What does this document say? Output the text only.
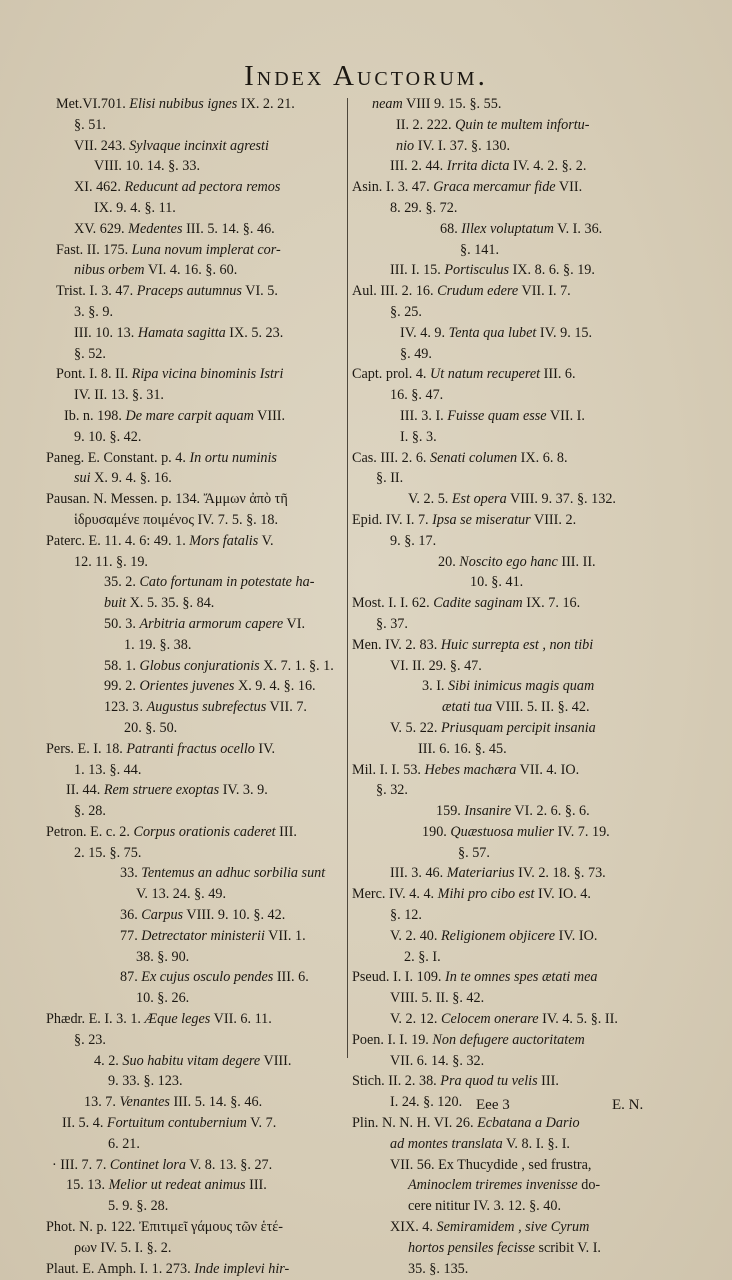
Index Auctorum.
Met.VI.701. Elisi nubibus ignes IX. 2. 21.
§. 51.
VII. 243. Sylvaque incinxit agresti
VIII. 10. 14. §. 33.
XI. 462. Reducunt ad pectora remos
IX. 9. 4. §. 11.
XV. 629. Medentes III. 5. 14. §. 46.
Fast. II. 175. Luna novum implerat cor-
nibus orbem VI. 4. 16. §. 60.
Trist. I. 3. 47. Praceps autumnus VI. 5.
3. §. 9.
III. 10. 13. Hamata sagitta IX. 5. 23.
§. 52.
Pont. I. 8. II. Ripa vicina binominis Istri
IV. II. 13. §. 31.
Ib. n. 198. De mare carpit aquam VIII.
9. 10. §. 42.
Paneg. E. Constant. p. 4. In ortu numinis
sui X. 9. 4. §. 16.
Pausan. N. Messen. p. 134. Ἄμμων ἀπὸ τῆ
ἱδρυσαμένε ποιμένος IV. 7. 5. §. 18.
Paterc. E. 11. 4. 6: 49. 1. Mors fatalis V.
12. 11. §. 19.
35. 2. Cato fortunam in potestate ha-
buit X. 5. 35. §. 84.
50. 3. Arbitria armorum capere VI.
1. 19. §. 38.
58. 1. Globus conjurationis X. 7. 1. §. 1.
99. 2. Orientes juvenes X. 9. 4. §. 16.
123. 3. Augustus subrefectus VII. 7.
20. §. 50.
Pers. E. I. 18. Patranti fractus ocello IV.
1. 13. §. 44.
II. 44. Rem struere exoptas IV. 3. 9.
§. 28.
Petron. E. c. 2. Corpus orationis caderet III.
2. 15. §. 75.
33. Tentemus an adhuc sorbilia sunt
V. 13. 24. §. 49.
36. Carpus VIII. 9. 10. §. 42.
77. Detrectator ministerii VII. 1.
38. §. 90.
87. Ex cujus osculo pendes III. 6.
10. §. 26.
Phædr. E. I. 3. 1. Æque leges VII. 6. 11.
§. 23.
4. 2. Suo habitu vitam degere VIII.
9. 33. §. 123.
13. 7. Venantes III. 5. 14. §. 46.
II. 5. 4. Fortuitum contubernium V. 7.
6. 21.
· III. 7. 7. Continet lora V. 8. 13. §. 27.
15. 13. Melior ut redeat animus III.
5. 9. §. 28.
Phot. N. p. 122. Ἐπιτιμεῖ γάμους τῶν ἑτέ-
ρων IV. 5. I. §. 2.
Plaut. E. Amph. I. 1. 273. Inde implevi hir-
neam VIII 9. 15. §. 55.
II. 2. 222. Quin te multem infortu-
nio IV. I. 37. §. 130.
III. 2. 44. Irrita dicta IV. 4. 2. §. 2.
Asin. I. 3. 47. Graca mercamur fide VII.
8. 29. §. 72.
68. Illex voluptatum V. I. 36.
§. 141.
III. I. 15. Portisculus IX. 8. 6. §. 19.
Aul. III. 2. 16. Crudum edere VII. I. 7.
§. 25.
IV. 4. 9. Tenta qua lubet IV. 9. 15.
§. 49.
Capt. prol. 4. Ut natum recuperet III. 6.
16. §. 47.
III. 3. I. Fuisse quam esse VII. I.
I. §. 3.
Cas. III. 2. 6. Senati columen IX. 6. 8.
§. II.
V. 2. 5. Est opera VIII. 9. 37. §. 132.
Epid. IV. I. 7. Ipsa se miseratur VIII. 2.
9. §. 17.
20. Noscito ego hanc III. II.
10. §. 41.
Most. I. I. 62. Cadite saginam IX. 7. 16.
§. 37.
Men. IV. 2. 83. Huic surrepta est , non tibi
VI. II. 29. §. 47.
3. I. Sibi inimicus magis quam
ætati tua VIII. 5. II. §. 42.
V. 5. 22. Priusquam percipit insania
III. 6. 16. §. 45.
Mil. I. I. 53. Hebes machæra VII. 4. IO.
§. 32.
159. Insanire VI. 2. 6. §. 6.
190. Quæstuosa mulier IV. 7. 19.
§. 57.
III. 3. 46. Materiarius IV. 2. 18. §. 73.
Merc. IV. 4. 4. Mihi pro cibo est IV. IO. 4.
§. 12.
V. 2. 40. Religionem objicere IV. IO.
2. §. I.
Pseud. I. I. 109. In te omnes spes ætati mea
VIII. 5. II. §. 42.
V. 2. 12. Celocem onerare IV. 4. 5. §. II.
Poen. I. I. 19. Non defugere auctoritatem
VII. 6. 14. §. 32.
Stich. II. 2. 38. Pra quod tu velis III.
I. 24. §. 120.
Plin. N. N. H. VI. 26. Ecbatana a Dario
ad montes translata V. 8. I. §. I.
VII. 56. Ex Thucydide , sed frustra,
Aminoclem triremes invenisse do-
cere nititur IV. 3. 12. §. 40.
XIX. 4. Semiramidem , sive Cyrum
hortos pensiles fecisse scribit V. I.
35. §. 135.
Eee 3	E. N.
